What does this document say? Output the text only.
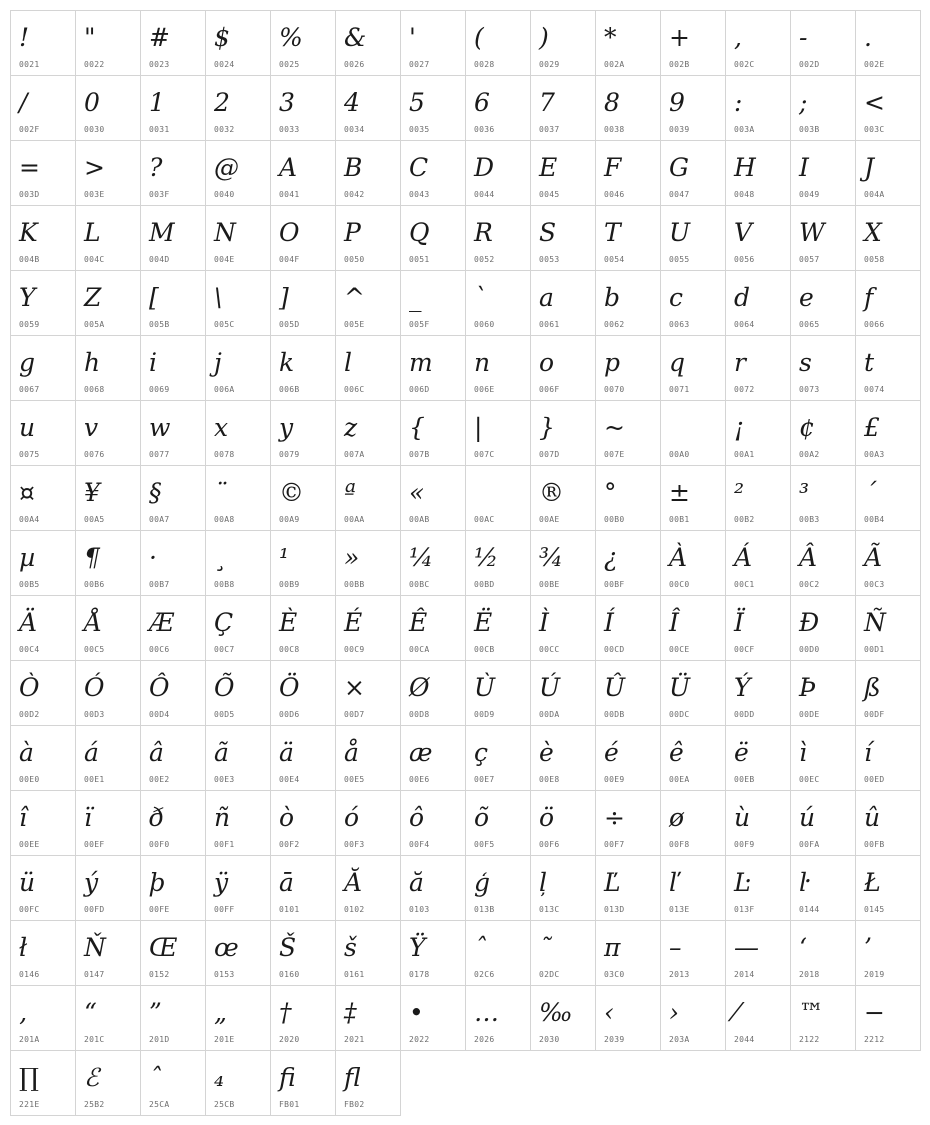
!
0021
"
0022
#
0023
$
0024
%
0025
&
0026
'
0027
(
0028
)
0029
*
002A
+
002B
,
002C
-
002D
.
002E
/
002F
0
0030
1
0031
2
0032
3
0033
4
0034
5
0035
6
0036
7
0037
8
0038
9
0039
:
003A
;
003B
<
003C
=
003D
>
003E
?
003F
@
0040
A
0041
B
0042
C
0043
D
0044
E
0045
F
0046
G
0047
H
0048
I
0049
J
004A
K
004B
L
004C
M
004D
N
004E
O
004F
P
0050
Q
0051
R
0052
S
0053
T
0054
U
0055
V
0056
W
0057
X
0058
Y
0059
Z
005A
[
005B
\
005C
]
005D
^
005E
_
005F
`
0060
a
0061
b
0062
c
0063
d
0064
e
0065
f
0066
g
0067
h
0068
i
0069
j
006A
k
006B
l
006C
m
006D
n
006E
o
006F
p
0070
q
0071
r
0072
s
0073
t
0074
u
0075
v
0076
w
0077
x
0078
y
0079
z
007A
{
007B
|
007C
}
007D
~
007E	00A0
¡
00A1
¢
00A2
£
00A3
¤
00A4
¥
00A5
§
00A7
¨
00A8
©
00A9
ª
00AA
«
00AB	00AC
®
00AE
°
00B0
±
00B1
²
00B2
³
00B3
´
00B4
µ
00B5
¶
00B6
·
00B7
¸
00B8
¹
00B9
»
00BB
¼
00BC
½
00BD
¾
00BE
¿
00BF
À
00C0
Á
00C1
Â
00C2
Ã
00C3
Ä
00C4
Å
00C5
Æ
00C6
Ç
00C7
È
00C8
É
00C9
Ê
00CA
Ë
00CB
Ì
00CC
Í
00CD
Î
00CE
Ï
00CF
Ð
00D0
Ñ
00D1
Ò
00D2
Ó
00D3
Ô
00D4
Õ
00D5
Ö
00D6
×
00D7
Ø
00D8
Ù
00D9
Ú
00DA
Û
00DB
Ü
00DC
Ý
00DD
Þ
00DE
ß
00DF
à
00E0
á
00E1
â
00E2
ã
00E3
ä
00E4
å
00E5
æ
00E6
ç
00E7
è
00E8
é
00E9
ê
00EA
ë
00EB
ì
00EC
í
00ED
î
00EE
ï
00EF
ð
00F0
ñ
00F1
ò
00F2
ó
00F3
ô
00F4
õ
00F5
ö
00F6
÷
00F7
ø
00F8
ù
00F9
ú
00FA
û
00FB
ü
00FC
ý
00FD
þ
00FE
ÿ
00FF
ā
0101
Ă
0102
ă
0103
ģ
013B
ļ
013C
Ľ
013D
ľ
013E
Ŀ
013F
ŀ
0144
Ł
0145
ł
0146
Ň
0147
Œ
0152
œ
0153
Š
0160
š
0161
Ÿ
0178
ˆ
02C6
˜
02DC
π
03C0
–
2013
—
2014
‘
2018
’
2019
‚
201A
“
201C
”
201D
„
201E
†
2020
‡
2021
•
2022
…
2026
‰
2030
‹
2039
›
203A
⁄
2044
™
2122
−
2212
∏
221E
ℰ
25B2
ˆ
25CA
₄
25CB
ﬁ
FB01
ﬂ
FB02
